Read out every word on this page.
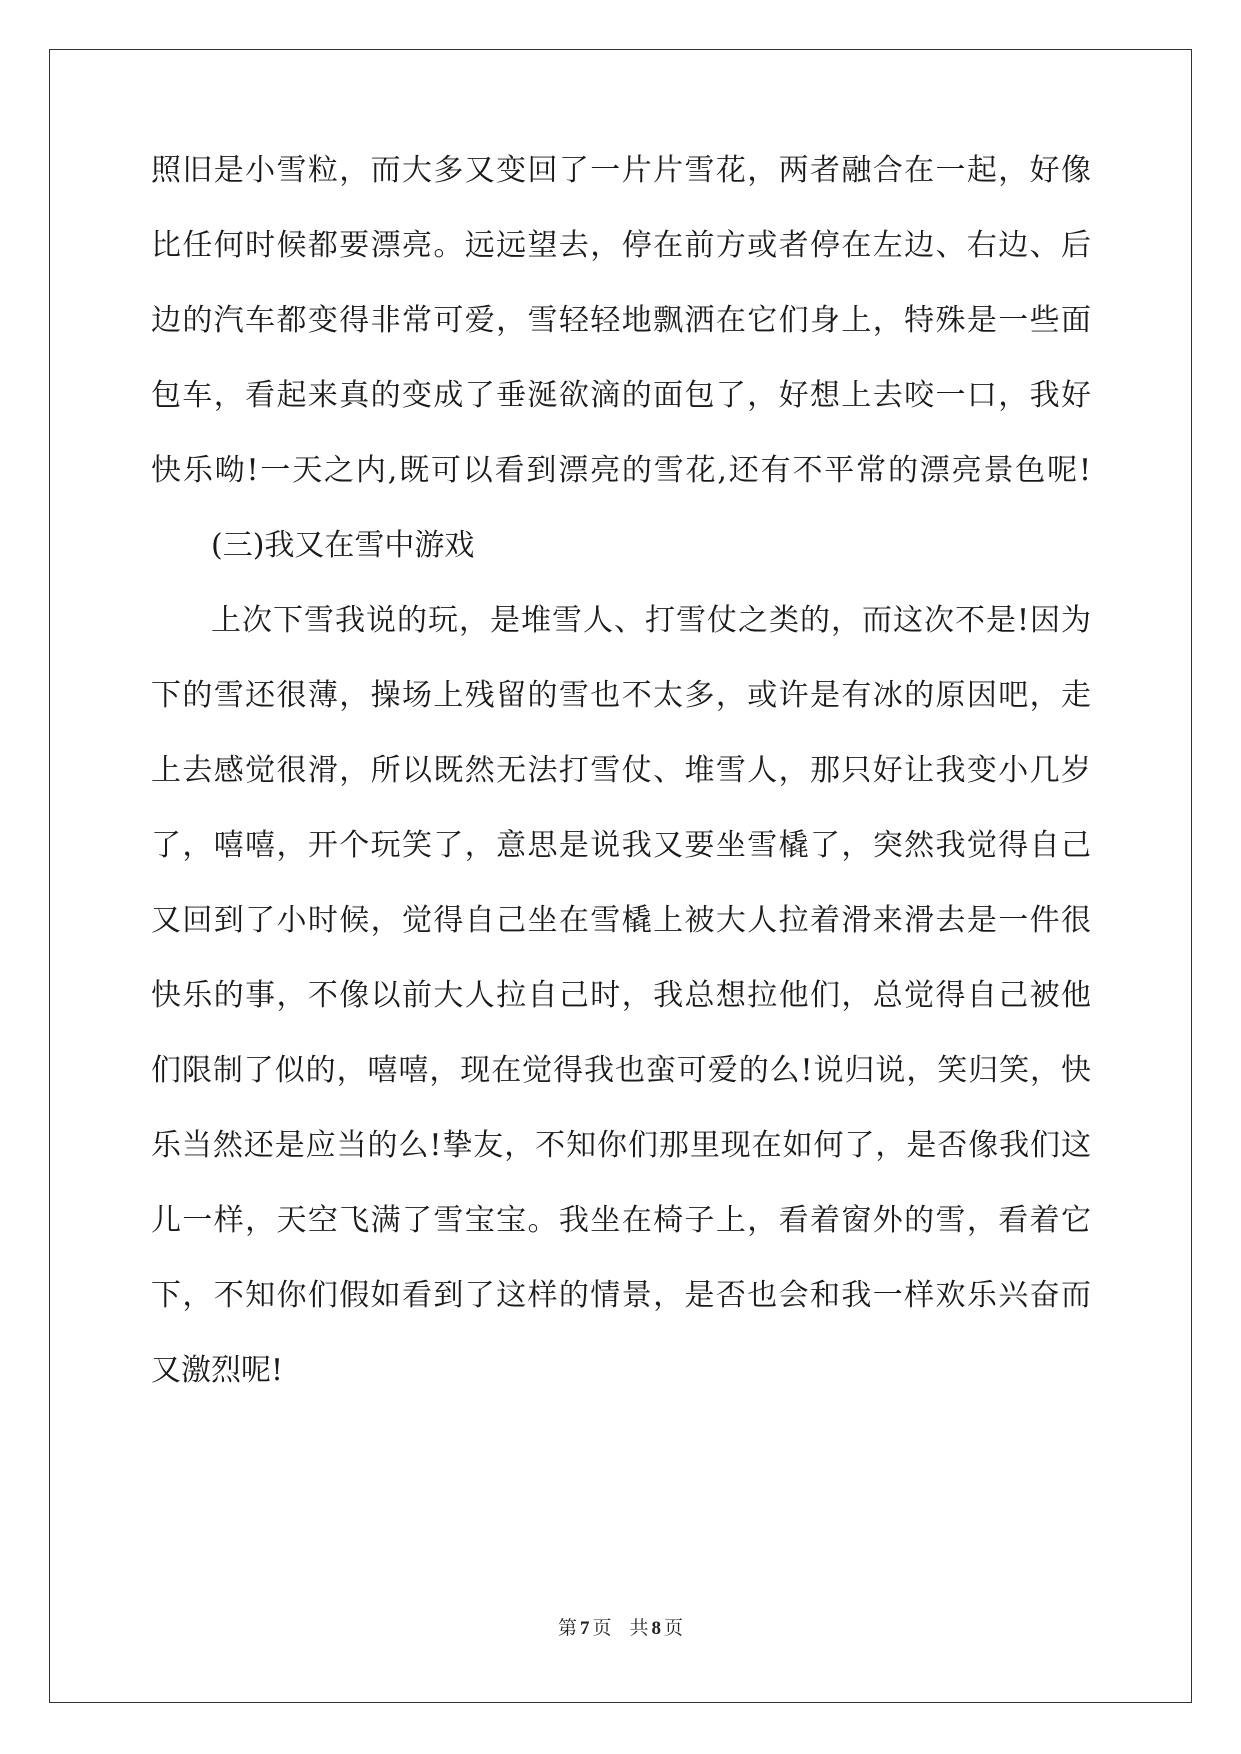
照旧是小雪粒，而大多又变回了一片片雪花，两者融合在一起，好像
比任何时候都要漂亮。远远望去，停在前方或者停在左边、右边、后
边的汽车都变得非常可爱，雪轻轻地飘洒在它们身上，特殊是一些面
包车，看起来真的变成了垂涎欲滴的面包了，好想上去咬一口，我好
快乐呦!一天之内,既可以看到漂亮的雪花,还有不平常的漂亮景色呢!
(三)我又在雪中游戏
上次下雪我说的玩，是堆雪人、打雪仗之类的，而这次不是!因为
下的雪还很薄，操场上残留的雪也不太多，或许是有冰的原因吧，走
上去感觉很滑，所以既然无法打雪仗、堆雪人，那只好让我变小几岁
了，嘻嘻，开个玩笑了，意思是说我又要坐雪橇了，突然我觉得自己
又回到了小时候，觉得自己坐在雪橇上被大人拉着滑来滑去是一件很
快乐的事，不像以前大人拉自己时，我总想拉他们，总觉得自己被他
们限制了似的，嘻嘻，现在觉得我也蛮可爱的么!说归说，笑归笑，快
乐当然还是应当的么!挚友，不知你们那里现在如何了，是否像我们这
儿一样，天空飞满了雪宝宝。我坐在椅子上，看着窗外的雪，看着它
下，不知你们假如看到了这样的情景，是否也会和我一样欢乐兴奋而
又激烈呢!
第 7 页 共 8 页
